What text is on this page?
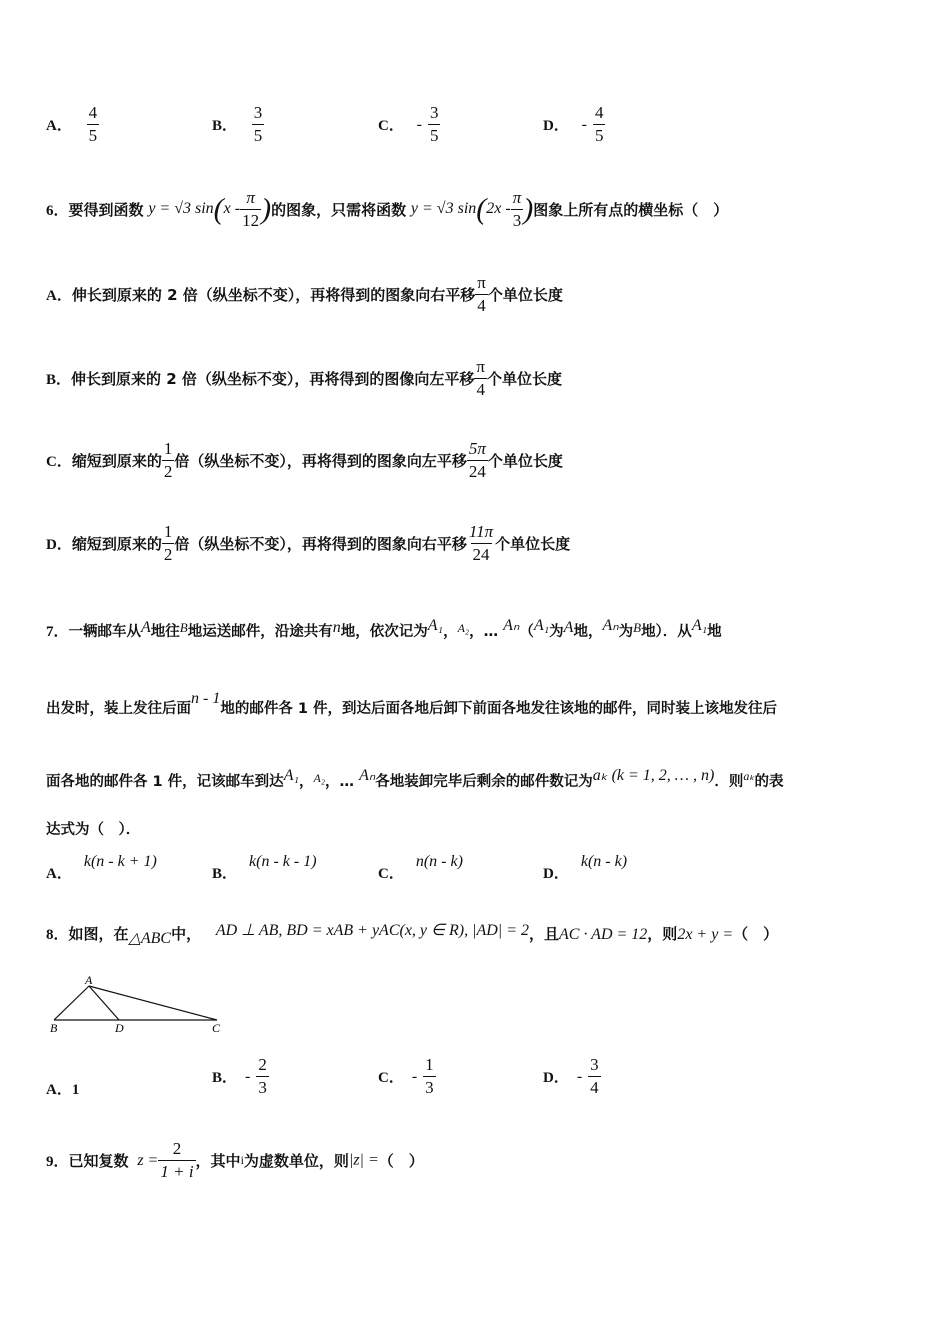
A． $\frac{4}{5}$	B． $\frac{3}{5}$	C． - $\frac{3}{5}$	D． - $\frac{4}{5}$
6．要得到函数 y = √3 $\sin(x - \frac{\pi}{12}$ )的图象，只需将函数 y = √3 $\sin(2x - \frac{\pi}{3}$ )图象上所有点的横坐标（　）
A．伸长到原来的 2 倍（纵坐标不变），再将得到的图象向右平移 $\frac{\pi}{4}$ 个单位长度
B．伸长到原来的 2 倍（纵坐标不变），再将得到的图像向左平移 $\frac{\pi}{4}$ 个单位长度
C．缩短到原来的 $\frac{1}{2}$ 倍（纵坐标不变），再将得到的图象向左平移 $\frac{5\pi}{24}$ 个单位长度
D．缩短到原来的 $\frac{1}{2}$ 倍（纵坐标不变），再将得到的图象向右平移 $\frac{11\pi}{24}$ 个单位长度
7．一辆邮车从A地往B地运送邮件，沿途共有n地，依次记为A₁，$^{A_2}$，… Aₙ（A₁为A地，Aₙ为B地）．从A₁地
出发时，装上发往后面n - 1地的邮件各 1 件，到达后面各地后卸下前面各地发往该地的邮件，同时装上该地发往后
面各地的邮件各 1 件，记该邮车到达A₁，$^{A_2}$，… Aₙ各地装卸完毕后剩余的邮件数记为aₖ (k = 1, 2, … , n)．则$^{a_k}$的表
达式为（　）．
A．k(n - k + 1)
B．k(n - k - 1)
C．n(n - k)
D．k(n - k)
8．如图，在△ABC中， AD ⊥ AB, BD = xAB + yAC(x, y ∈ R), |AD| = 2，且AC · AD = 12，则2x + y =（　）
A
B	D	C
A．1
B． - $\frac{2}{3}$	C． - $\frac{1}{3}$	D． - $\frac{3}{4}$
9．已知复数 $z = \frac{2}{1 + i}$ ，其中i为虚数单位，则|z| =（　）
